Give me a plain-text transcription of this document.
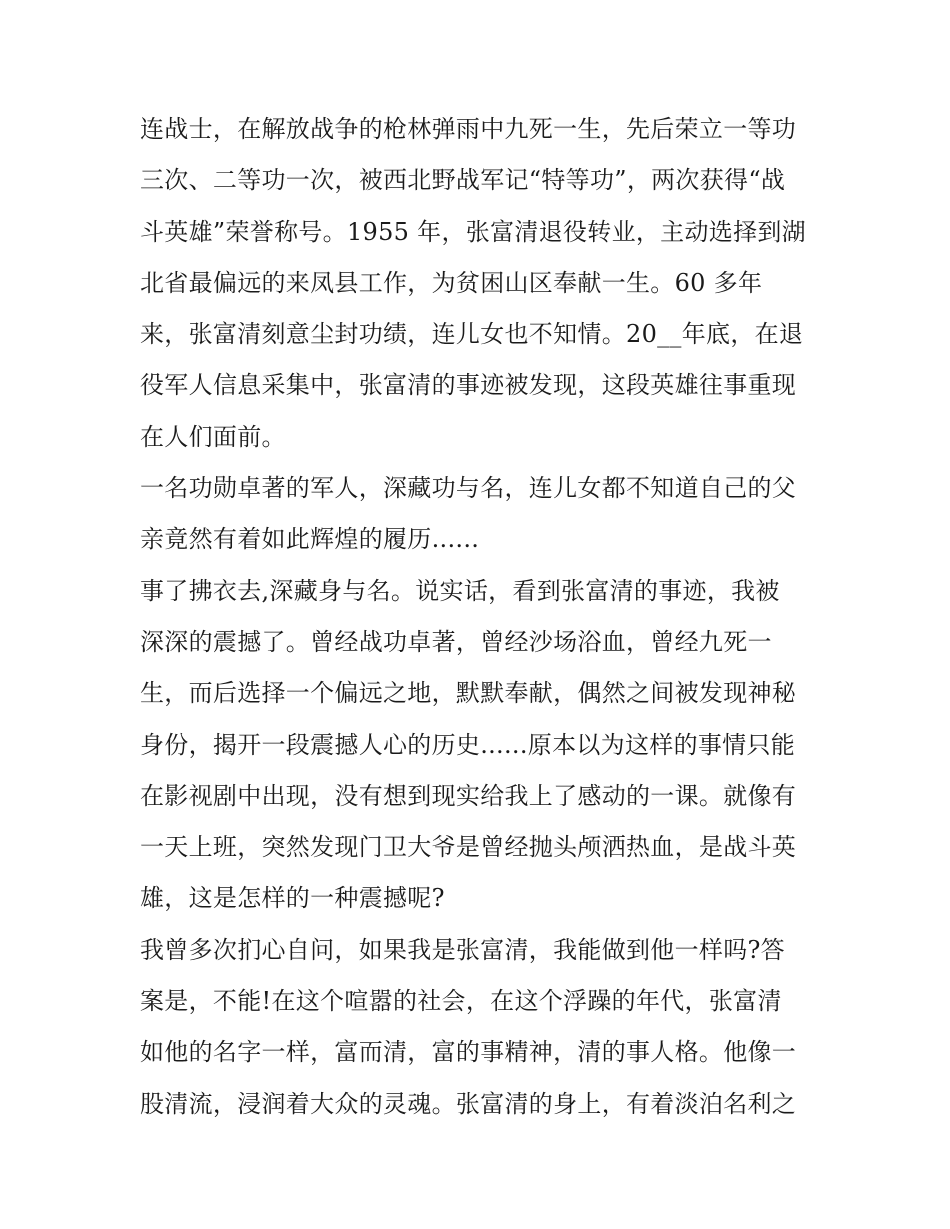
连战士，在解放战争的枪林弹雨中九死一生，先后荣立一等功
三次、二等功一次，被西北野战军记“特等功”，两次获得“战
斗英雄”荣誉称号。1955 年，张富清退役转业，主动选择到湖
北省最偏远的来凤县工作，为贫困山区奉献一生。60 多年
来，张富清刻意尘封功绩，连儿女也不知情。20__年底，在退
役军人信息采集中，张富清的事迹被发现，这段英雄往事重现
在人们面前。
一名功勋卓著的军人，深藏功与名，连儿女都不知道自己的父
亲竟然有着如此辉煌的履历......
事了拂衣去,深藏身与名。说实话，看到张富清的事迹，我被
深深的震撼了。曾经战功卓著，曾经沙场浴血，曾经九死一
生，而后选择一个偏远之地，默默奉献，偶然之间被发现神秘
身份，揭开一段震撼人心的历史......原本以为这样的事情只能
在影视剧中出现，没有想到现实给我上了感动的一课。就像有
一天上班，突然发现门卫大爷是曾经抛头颅洒热血，是战斗英
雄，这是怎样的一种震撼呢?
我曾多次扪心自问，如果我是张富清，我能做到他一样吗?答
案是，不能!在这个喧嚣的社会，在这个浮躁的年代，张富清
如他的名字一样，富而清，富的事精神，清的事人格。他像一
股清流，浸润着大众的灵魂。张富清的身上，有着淡泊名利之
